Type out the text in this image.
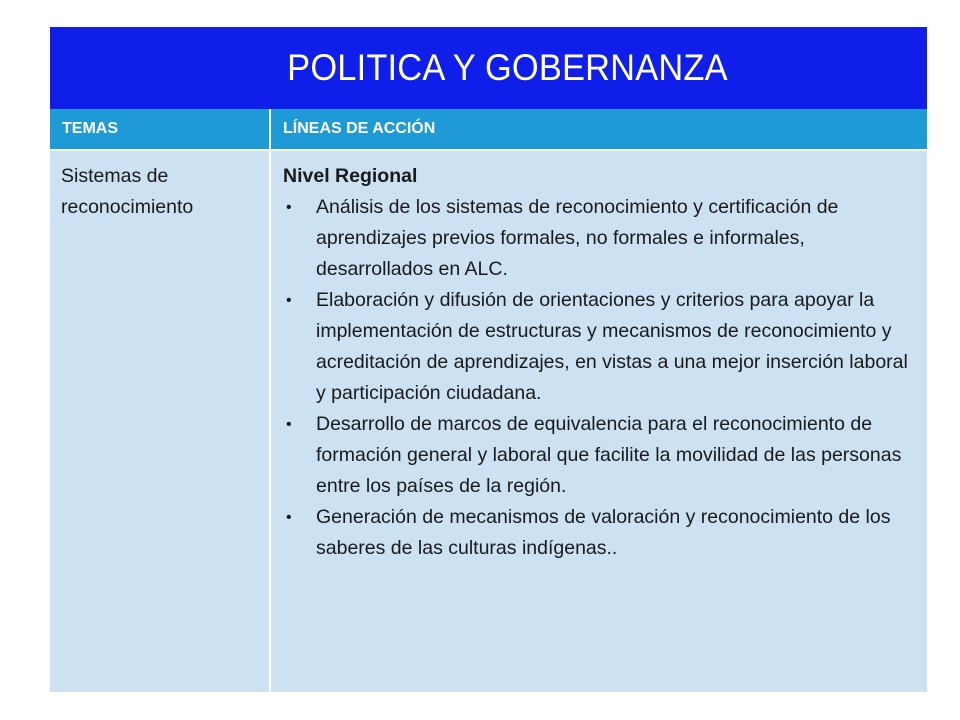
POLITICA Y GOBERNANZA
TEMAS	LÍNEAS DE ACCIÓN
Sistemas de reconocimiento

Nivel Regional

• Análisis de los sistemas de reconocimiento y certificación de aprendizajes previos formales, no formales e informales, desarrollados en ALC.
• Elaboración y difusión de orientaciones y criterios para apoyar la implementación de estructuras y mecanismos de reconocimiento y acreditación de aprendizajes, en vistas a una mejor inserción laboral y participación ciudadana.
• Desarrollo de marcos de equivalencia para el reconocimiento de formación general y laboral que facilite la movilidad de las personas entre los países de la región.
• Generación de mecanismos de valoración y reconocimiento de los saberes de las culturas indígenas..
